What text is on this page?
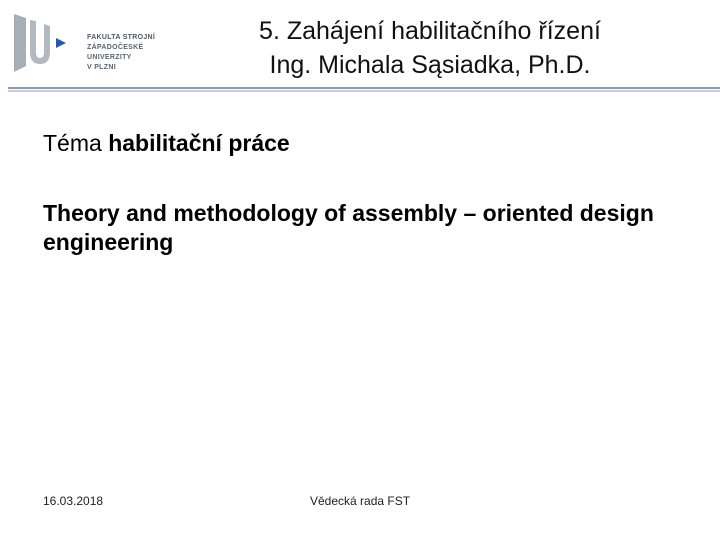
FAKULTA STROJNÍ
ZÁPADOČESKÉ
UNIVERZITY
V PLZNI
5. Zahájení habilitačního řízení
Ing. Michala Sąsiadka, Ph.D.
Téma habilitační práce
Theory and methodology of assembly – oriented design engineering
16.03.2018	Vědecká rada FST
